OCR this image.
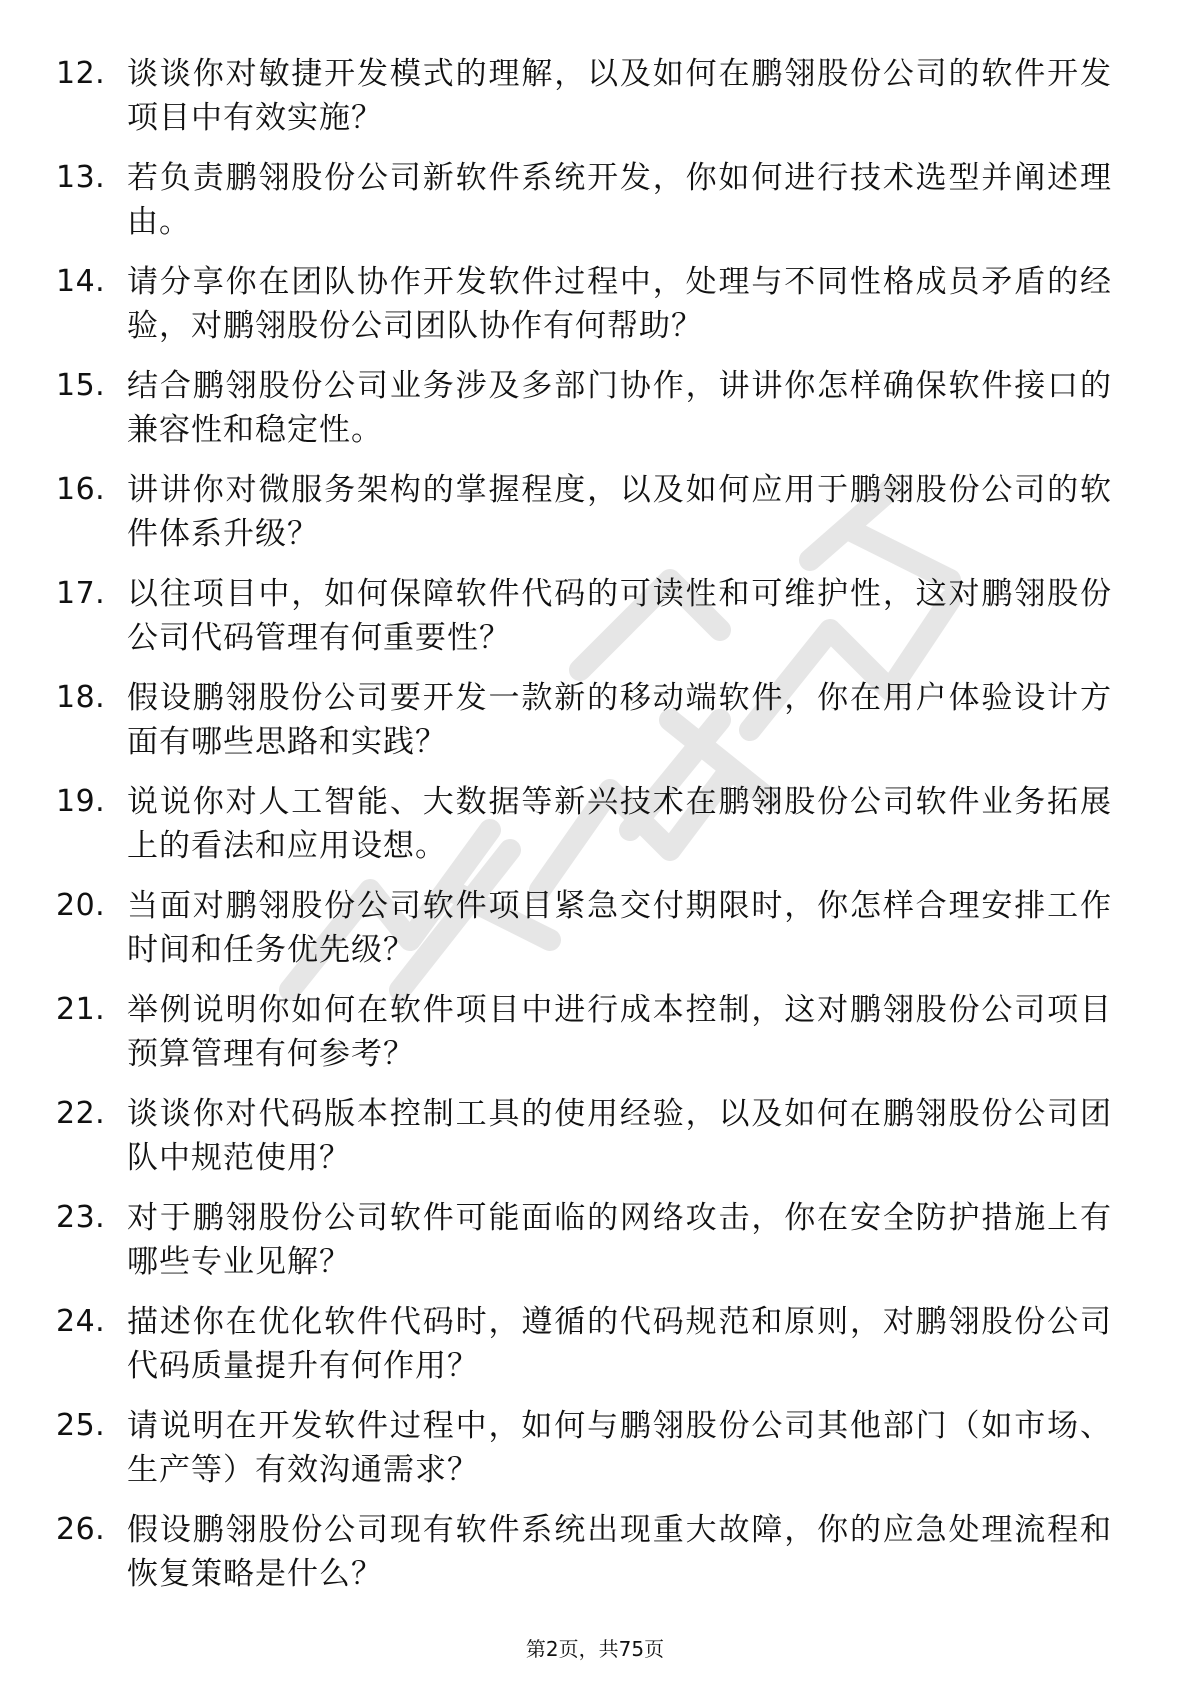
12. 谈谈你对敏捷开发模式的理解，以及如何在鹏翎股份公司的软件开发项目中有效实施？
13. 若负责鹏翎股份公司新软件系统开发，你如何进行技术选型并阐述理由。
14. 请分享你在团队协作开发软件过程中，处理与不同性格成员矛盾的经验，对鹏翎股份公司团队协作有何帮助？
15. 结合鹏翎股份公司业务涉及多部门协作，讲讲你怎样确保软件接口的兼容性和稳定性。
16. 讲讲你对微服务架构的掌握程度，以及如何应用于鹏翎股份公司的软件体系升级？
17. 以往项目中，如何保障软件代码的可读性和可维护性，这对鹏翎股份公司代码管理有何重要性？
18. 假设鹏翎股份公司要开发一款新的移动端软件，你在用户体验设计方面有哪些思路和实践？
19. 说说你对人工智能、大数据等新兴技术在鹏翎股份公司软件业务拓展上的看法和应用设想。
20. 当面对鹏翎股份公司软件项目紧急交付期限时，你怎样合理安排工作时间和任务优先级？
21. 举例说明你如何在软件项目中进行成本控制，这对鹏翎股份公司项目预算管理有何参考？
22. 谈谈你对代码版本控制工具的使用经验，以及如何在鹏翎股份公司团队中规范使用？
23. 对于鹏翎股份公司软件可能面临的网络攻击，你在安全防护措施上有哪些专业见解？
24. 描述你在优化软件代码时，遵循的代码规范和原则，对鹏翎股份公司代码质量提升有何作用？
25. 请说明在开发软件过程中，如何与鹏翎股份公司其他部门（如市场、生产等）有效沟通需求？
26. 假设鹏翎股份公司现有软件系统出现重大故障，你的应急处理流程和恢复策略是什么？
第2页，共75页
